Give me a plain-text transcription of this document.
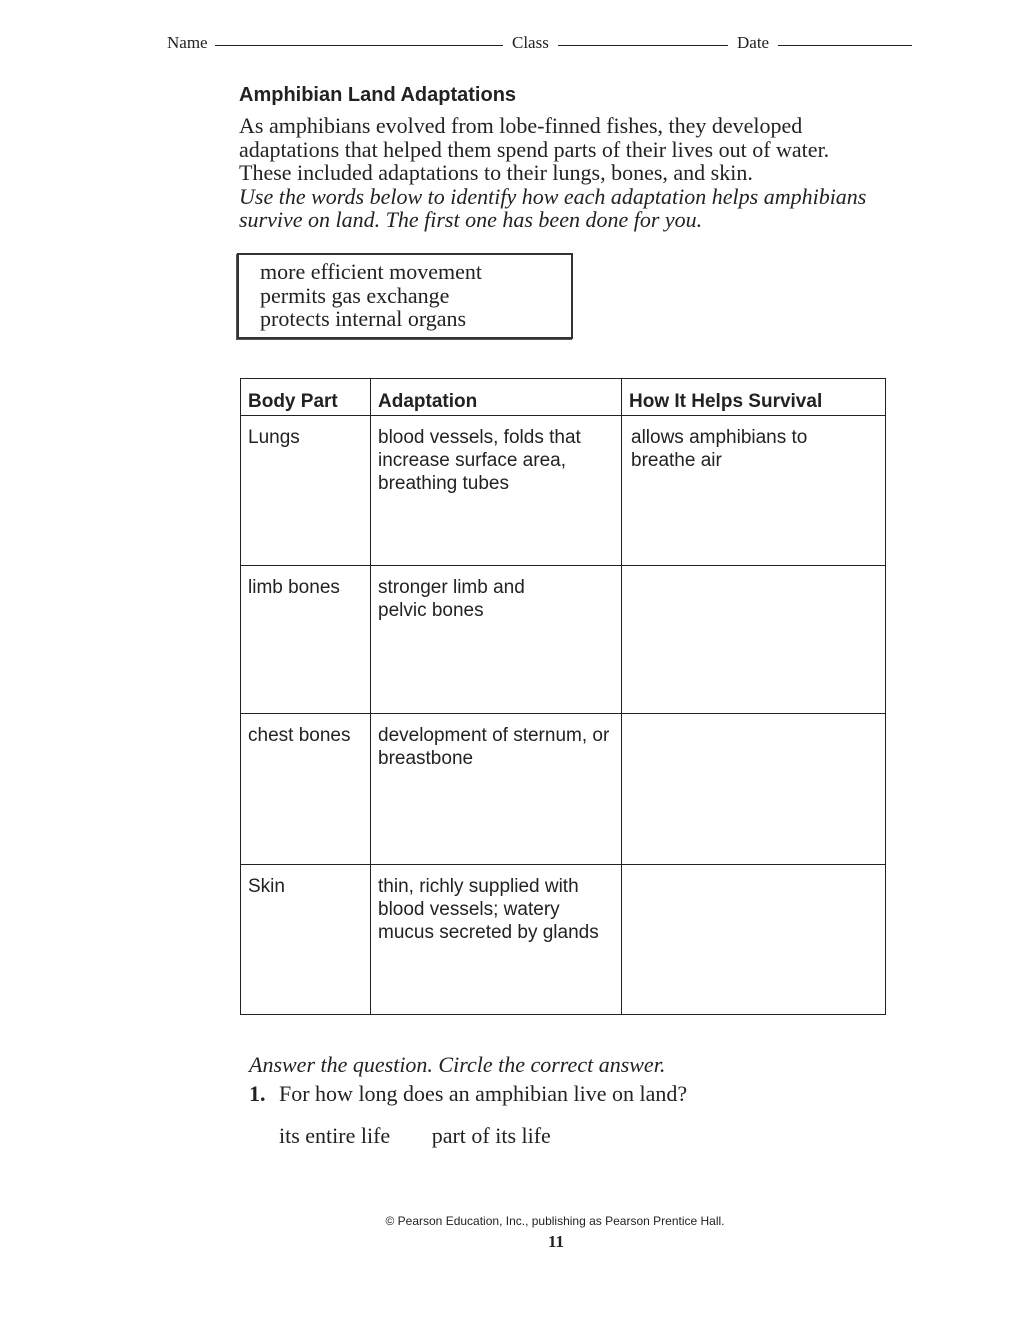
Name	Class	Date
Amphibian Land Adaptations

As amphibians evolved from lobe-finned fishes, they developed adaptations that helped them spend parts of their lives out of water. These included adaptations to their lungs, bones, and skin.

Use the words below to identify how each adaptation helps amphibians survive on land. The first one has been done for you.

more efficient movement
permits gas exchange
protects internal organs
Body Part	Adaptation	How It Helps Survival
Lungs	blood vessels, folds that increase surface area, breathing tubes	allows amphibians to breathe air
limb bones	stronger limb and pelvic bones	
chest bones	development of sternum, or breastbone	
Skin	thin, richly supplied with blood vessels; watery mucus secreted by glands	
Answer the question. Circle the correct answer.
1. For how long does an amphibian live on land?
its entire life part of its life
© Pearson Education, Inc., publishing as Pearson Prentice Hall.
11
